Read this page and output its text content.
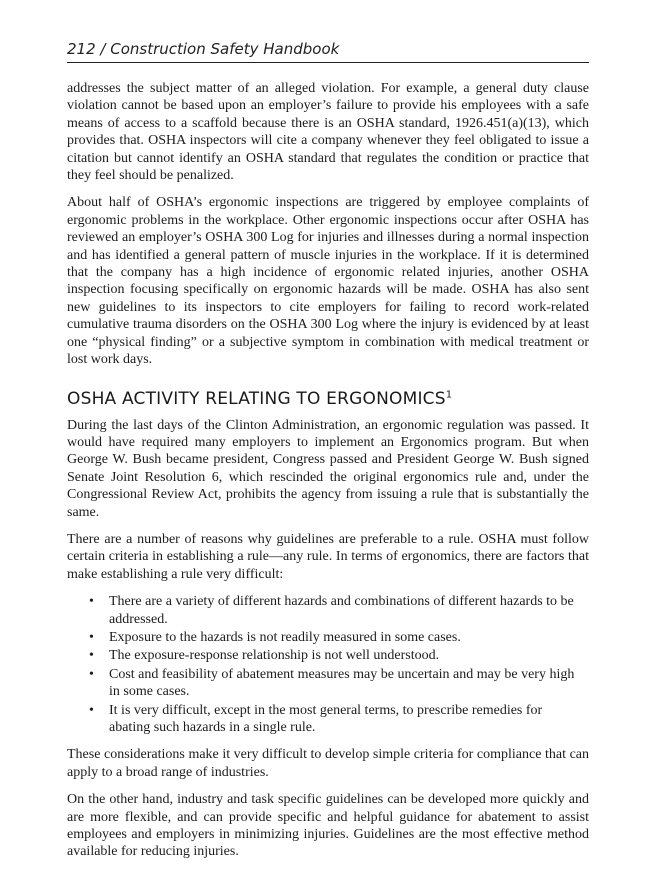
212 / Construction Safety Handbook

addresses the subject matter of an alleged violation. For example, a general duty clause violation cannot be based upon an employer’s failure to provide his employees with a safe means of access to a scaffold because there is an OSHA standard, 1926.451(a)(13), which provides that. OSHA inspectors will cite a company whenever they feel obligated to issue a citation but cannot identify an OSHA standard that regulates the condition or practice that they feel should be penalized.

About half of OSHA’s ergonomic inspections are triggered by employee complaints of ergonomic problems in the workplace. Other ergonomic inspections occur after OSHA has reviewed an employer’s OSHA 300 Log for injuries and illnesses during a normal inspection and has identified a general pattern of muscle injuries in the workplace. If it is determined that the company has a high incidence of ergonomic related injuries, another OSHA inspection focusing specifically on ergonomic hazards will be made. OSHA has also sent new guidelines to its inspectors to cite employers for failing to record work-related cumulative trauma disorders on the OSHA 300 Log where the injury is evidenced by at least one “physical finding” or a subjective symptom in combination with medical treatment or lost work days.

OSHA ACTIVITY RELATING TO ERGONOMICS$^1$

During the last days of the Clinton Administration, an ergonomic regulation was passed. It would have required many employers to implement an Ergonomics program. But when George W. Bush became president, Congress passed and President George W. Bush signed Senate Joint Resolution 6, which rescinded the original ergonomics rule and, under the Congressional Review Act, prohibits the agency from issuing a rule that is substantially the same.

There are a number of reasons why guidelines are preferable to a rule. OSHA must follow certain criteria in establishing a rule—any rule. In terms of ergonomics, there are factors that make establishing a rule very difficult:

• There are a variety of different hazards and combinations of different hazards to be addressed.
• Exposure to the hazards is not readily measured in some cases.
• The exposure-response relationship is not well understood.
• Cost and feasibility of abatement measures may be uncertain and may be very high in some cases.
• It is very difficult, except in the most general terms, to prescribe remedies for abating such hazards in a single rule.

These considerations make it very difficult to develop simple criteria for compliance that can apply to a broad range of industries.

On the other hand, industry and task specific guidelines can be developed more quickly and are more flexible, and can provide specific and helpful guidance for abatement to assist employees and employers in minimizing injuries. Guidelines are the most effective method available for reducing injuries.
